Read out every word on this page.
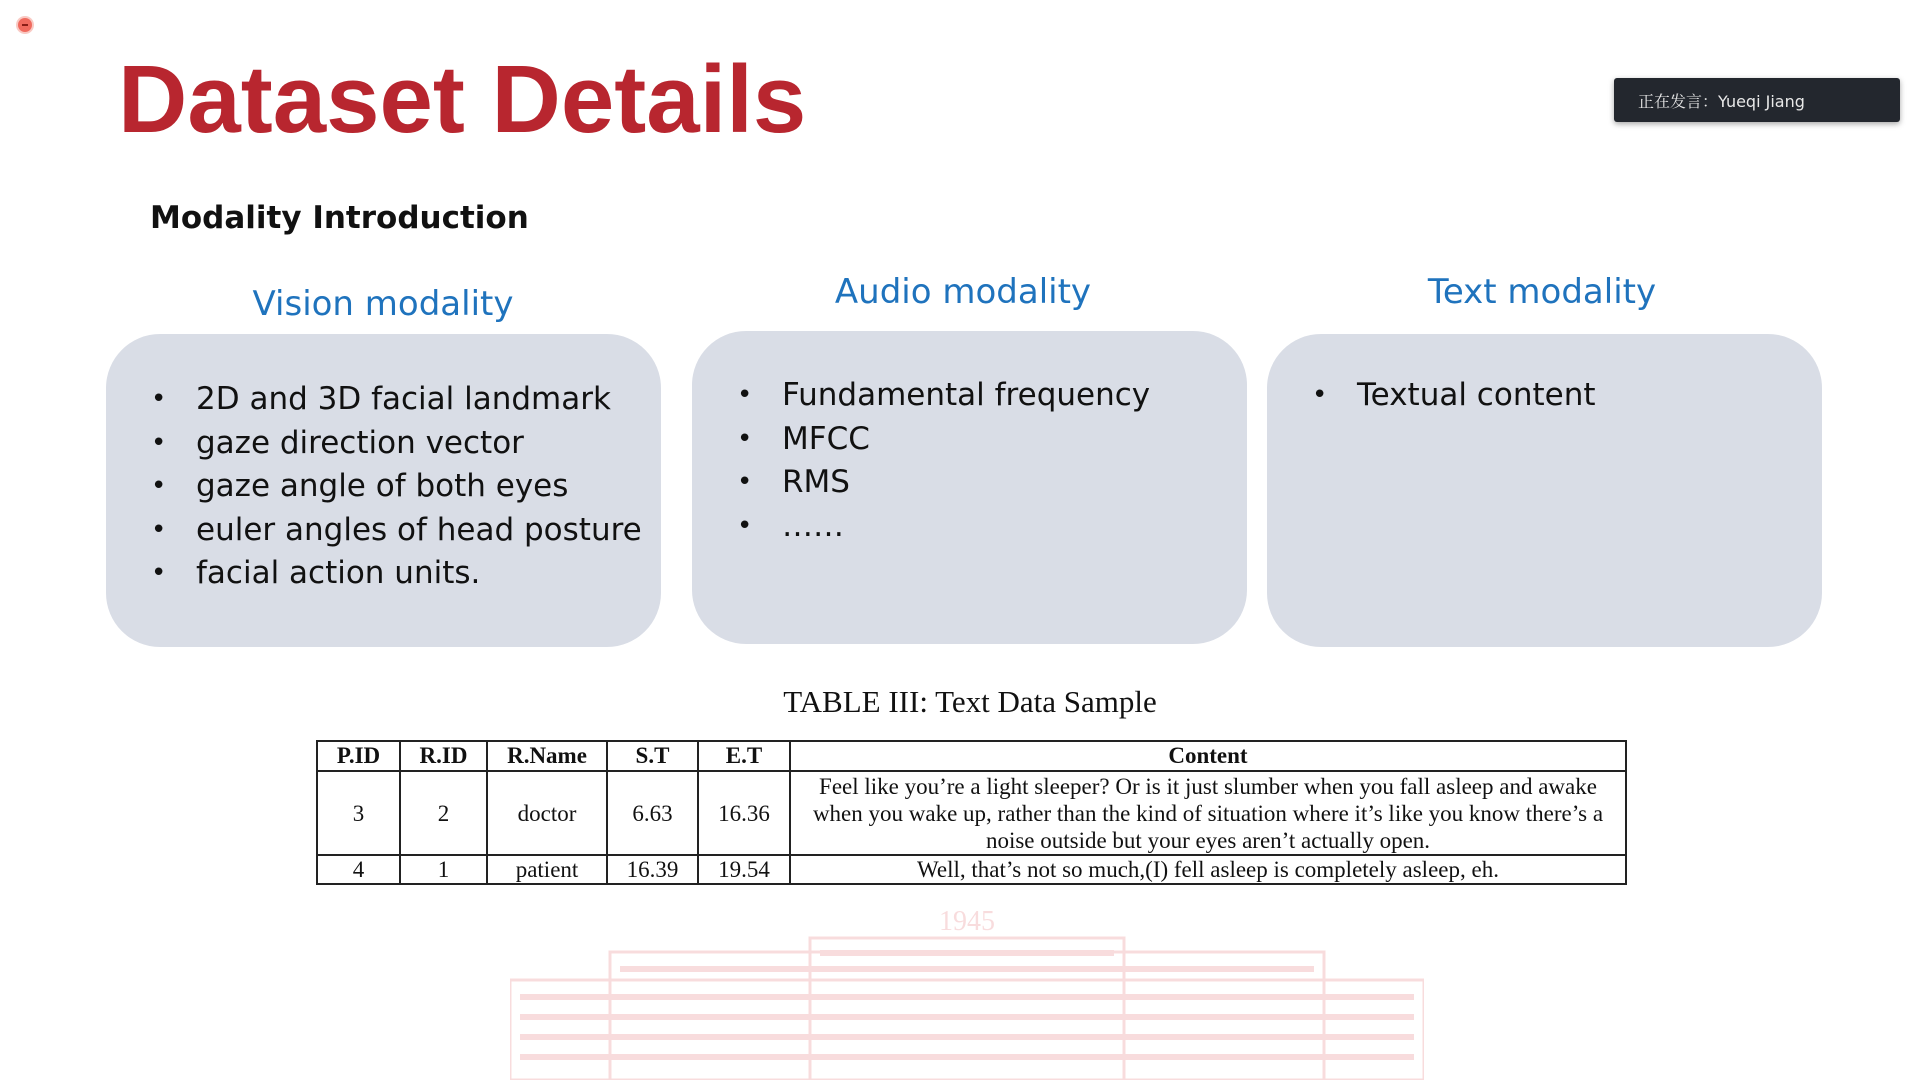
Dataset Details	正在发言：Yueqi Jiang
Modality Introduction
Vision modality
• 2D and 3D facial landmark
• gaze direction vector
• gaze angle of both eyes
• euler angles of head posture
• facial action units.
Audio modality
• Fundamental frequency
• MFCC
• RMS
• ……
Text modality
• Textual content
TABLE III: Text Data Sample
P.ID	R.ID	R.Name	S.T	E.T	Content
3	2	doctor	6.63	16.36	Feel like you’re a light sleeper? Or is it just slumber when you fall asleep and awake when you wake up, rather than the kind of situation where it’s like you know there’s a noise outside but your eyes aren’t actually open.
4	1	patient	16.39	19.54	Well, that’s not so much,(I) fell asleep is completely asleep, eh.
1945
